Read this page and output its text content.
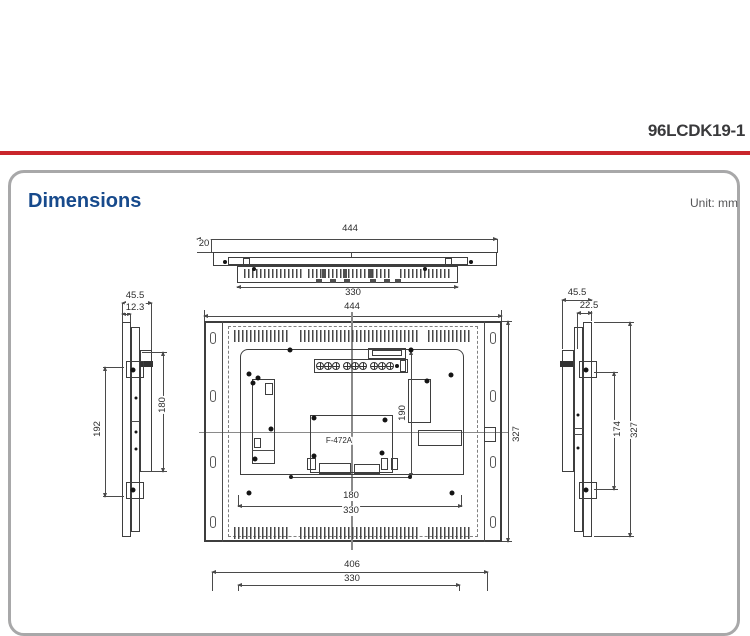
96LCDK19-1
Dimensions	Unit: mm
444
20
330
444
F-472A
190
180
330
327
45.5
12.3
192
180
45.5
22.5
174 327
406
330
